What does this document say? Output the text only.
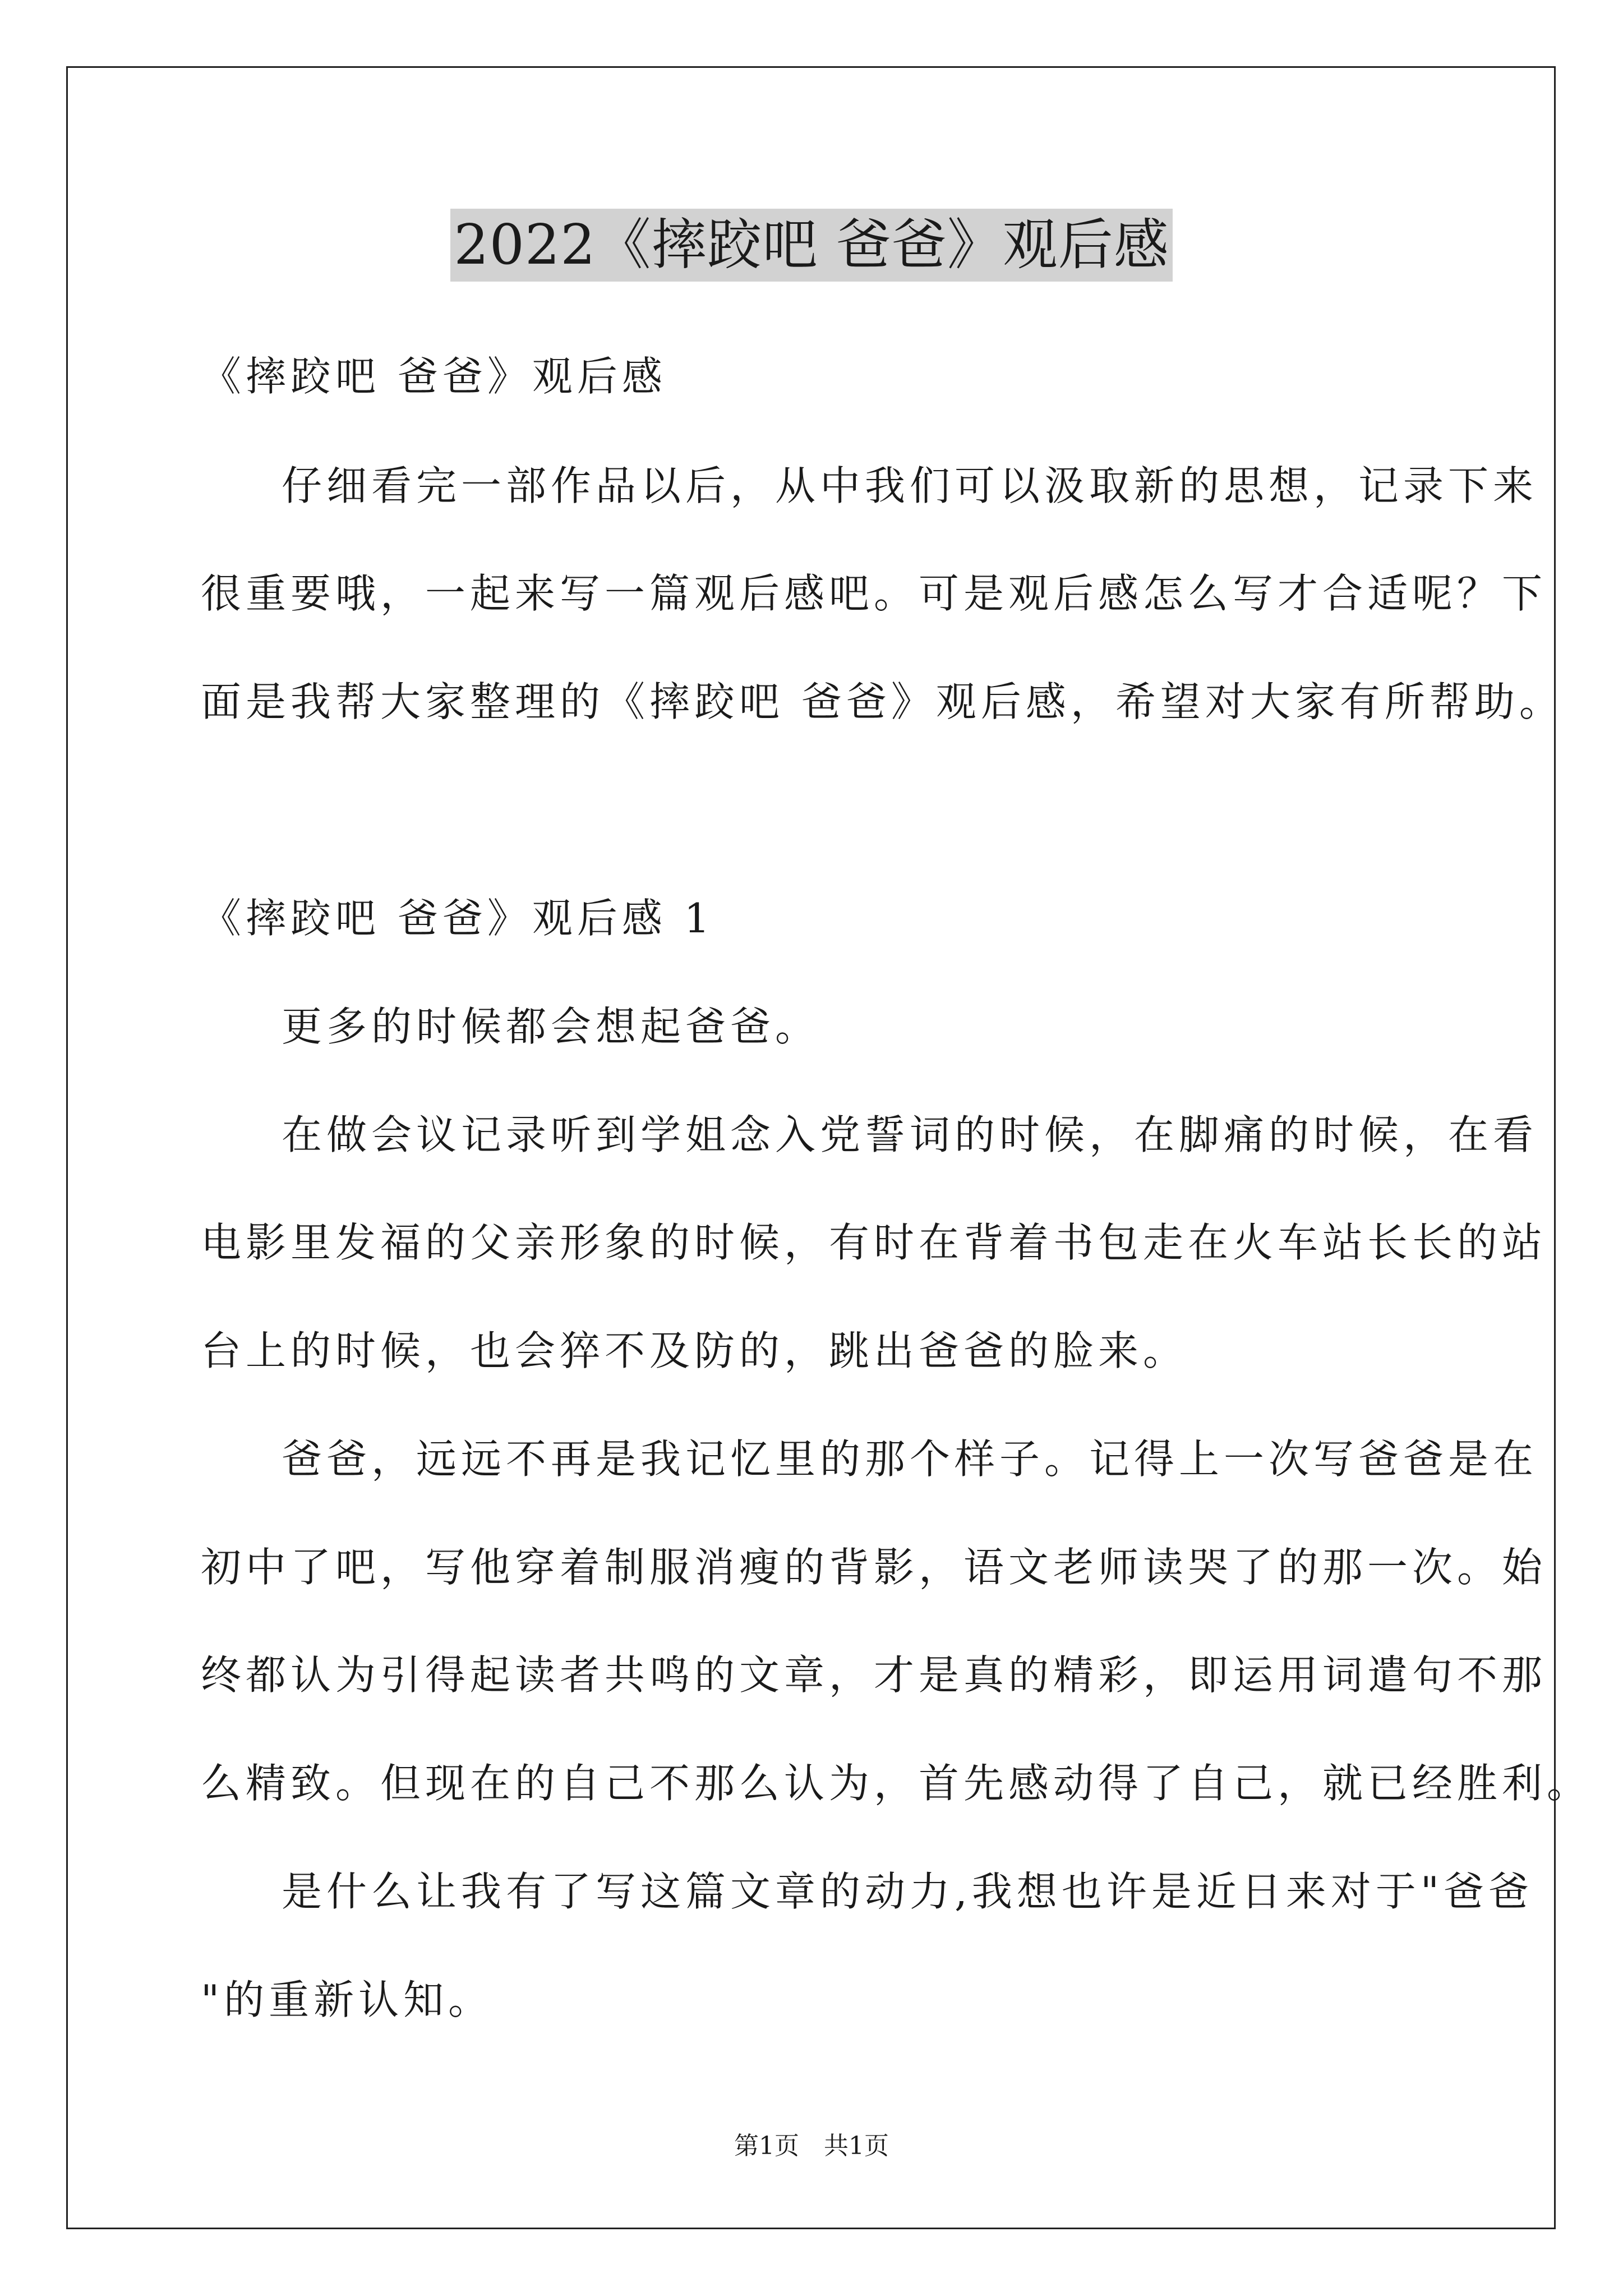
2022《摔跤吧 爸爸》观后感
《摔跤吧 爸爸》观后感
仔细看完一部作品以后，从中我们可以汲取新的思想，记录下来
很重要哦，一起来写一篇观后感吧。可是观后感怎么写才合适呢？下
面是我帮大家整理的《摔跤吧 爸爸》观后感，希望对大家有所帮助。
《摔跤吧 爸爸》观后感 1
更多的时候都会想起爸爸。
在做会议记录听到学姐念入党誓词的时候，在脚痛的时候，在看
电影里发福的父亲形象的时候，有时在背着书包走在火车站长长的站
台上的时候，也会猝不及防的，跳出爸爸的脸来。
爸爸，远远不再是我记忆里的那个样子。记得上一次写爸爸是在
初中了吧，写他穿着制服消瘦的背影，语文老师读哭了的那一次。始
终都认为引得起读者共鸣的文章，才是真的精彩，即运用词遣句不那
么精致。但现在的自己不那么认为，首先感动得了自己，就已经胜利。
是什么让我有了写这篇文章的动力,我想也许是近日来对于"爸爸
"的重新认知。
第1页　共1页
